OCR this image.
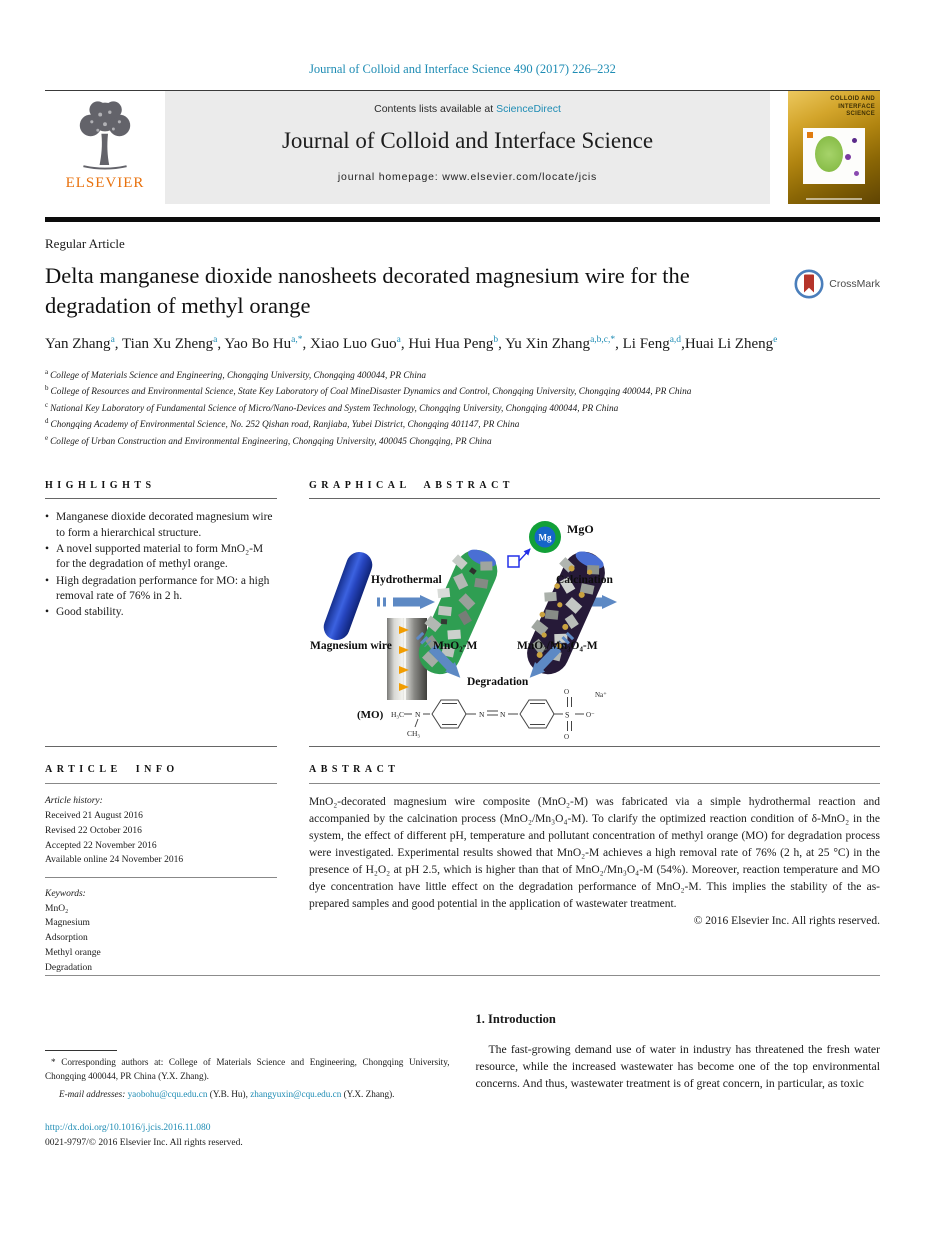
Journal of Colloid and Interface Science 490 (2017) 226–232
ELSEVIER
Contents lists available at ScienceDirect
Journal of Colloid and Interface Science
journal homepage: www.elsevier.com/locate/jcis
COLLOID AND
INTERFACE
SCIENCE
Regular Article
Delta manganese dioxide nanosheets decorated magnesium wire for the degradation of methyl orange
CrossMark
Yan Zhang$^a$, Tian Xu Zheng$^a$, Yao Bo $Hu^{a,*}$, Xiao Luo Guo$^a$, Hui Hua Peng$^b$, Yu Xin Zhang$^{a,b,c,*}$, Li Feng$^{a,d}$,Huai Li Zheng$^e$
$^a$ College of Materials Science and Engineering, Chongqing University, Chongqing 400044, PR China
$^b$ College of Resources and Environmental Science, State Key Laboratory of Coal MineDisaster Dynamics and Control, Chongqing University, Chongqing 400044, PR China
$^c$ National Key Laboratory of Fundamental Science of Micro/Nano-Devices and System Technology, Chongqing University, Chongqing 400044, PR China
$^d$ Chongqing Academy of Environmental Science, No. 252 Qishan road, Ranjiaba, Yubei District, Chongqing 401147, PR China
$^e$ College of Urban Construction and Environmental Engineering, Chongqing University, 400045 Chongqing, PR China
HIGHLIGHTS
• Manganese dioxide decorated magnesium wire to form a hierarchical structure.
• A novel supported material to form MnO₂-M for the degradation of methyl orange.
• High degradation performance for MO: a high removal rate of 76% in 2 h.
• Good stability.
ARTICLE INFO
Article history:
Received 21 August 2016
Revised 22 October 2016
Accepted 22 November 2016
Available online 24 November 2016
Keywords:
MnO₂
Magnesium
Adsorption
Methyl orange
Degradation
GRAPHICAL ABSTRACT
Mg
(MO) H₃C N
CH₃
N N	S
O
O
O⁻
Na⁺
Magnesium wire
Hydrothermal	Calcination
MnO₂-M	MnO₂/Mn₃O₄-M
MgO
Degradation
ABSTRACT

MnO₂-decorated magnesium wire composite (MnO₂-M) was fabricated via a simple hydrothermal reaction and accompanied by the calcination process (MnO₂/Mn₃O₄-M). To clarify the optimized reaction condition of δ-MnO₂ in the system, the effect of different pH, temperature and pollutant concentration of methyl orange (MO) for degradation process were investigated. Experimental results showed that MnO₂-M achieves a high removal rate of 76% (2 h, at 25 °C) in the presence of H₂O₂ at pH 2.5, which is higher than that of MnO₂/Mn₃O₄-M (54%). Moreover, reaction temperature and MO dye concentration have little effect on the degradation performance of MnO₂-M. This implies the stability of the as-prepared samples and good potential in the application of wastewater treatment.

© 2016 Elsevier Inc. All rights reserved.
* Corresponding authors at: College of Materials Science and Engineering, Chongqing University, Chongqing 400044, PR China (Y.X. Zhang).
E-mail addresses: yaobohu@cqu.edu.cn (Y.B. Hu), zhangyuxin@cqu.edu.cn (Y.X. Zhang).
http://dx.doi.org/10.1016/j.jcis.2016.11.080
0021-9797/© 2016 Elsevier Inc. All rights reserved.
1. Introduction

The fast-growing demand use of water in industry has threatened the fresh water resource, while the increased wastewater has become one of the top environmental concerns. And thus, wastewater treatment is of great concern, in particular, as toxic
